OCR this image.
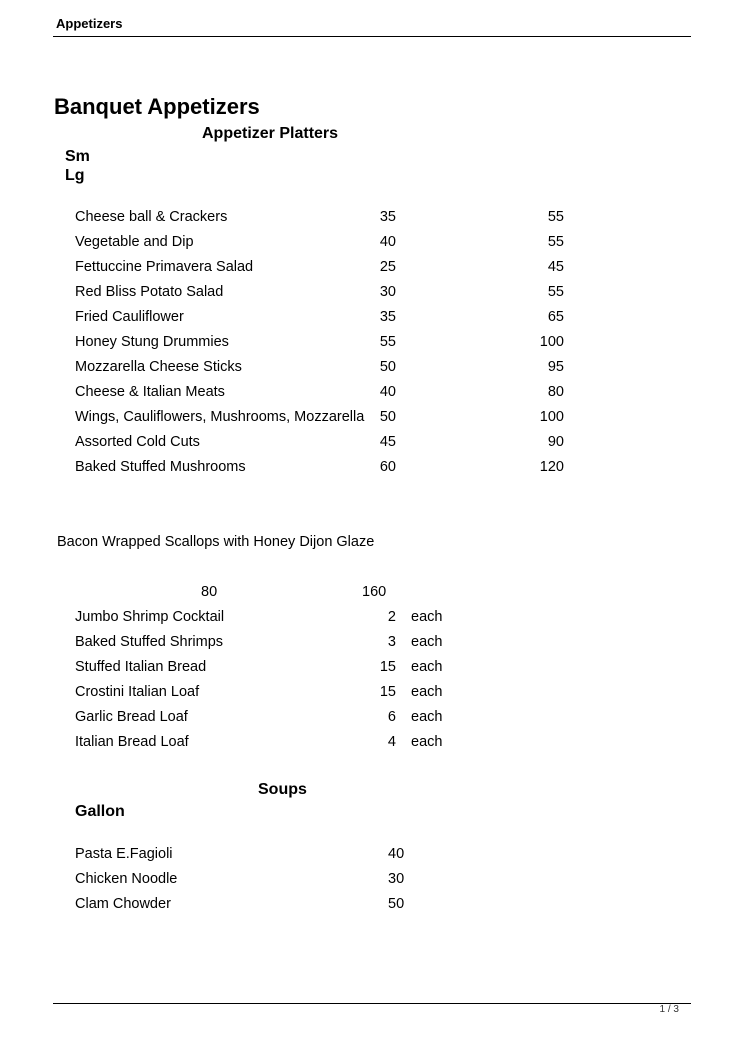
Appetizers
Banquet Appetizers
Appetizer Platters
Sm
Lg
Cheese ball & Crackers	35	55
Vegetable and Dip	40	55
Fettuccine Primavera Salad	25	45
Red Bliss Potato Salad	30	55
Fried Cauliflower	35	65
Honey Stung Drummies	55	100
Mozzarella Cheese Sticks	50	95
Cheese & Italian Meats	40	80
Wings, Cauliflowers, Mushrooms, Mozzarella 50	100
Assorted Cold Cuts	45	90
Baked Stuffed Mushrooms	60	120
Bacon Wrapped Scallops with Honey Dijon Glaze
80	160
Jumbo Shrimp Cocktail	2 each
Baked Stuffed Shrimps	3 each
Stuffed Italian Bread	15 each
Crostini Italian Loaf	15 each
Garlic Bread Loaf	6 each
Italian Bread Loaf	4 each
Soups
Gallon
Pasta E.Fagioli	40
Chicken Noodle	30
Clam Chowder	50
1 / 3
